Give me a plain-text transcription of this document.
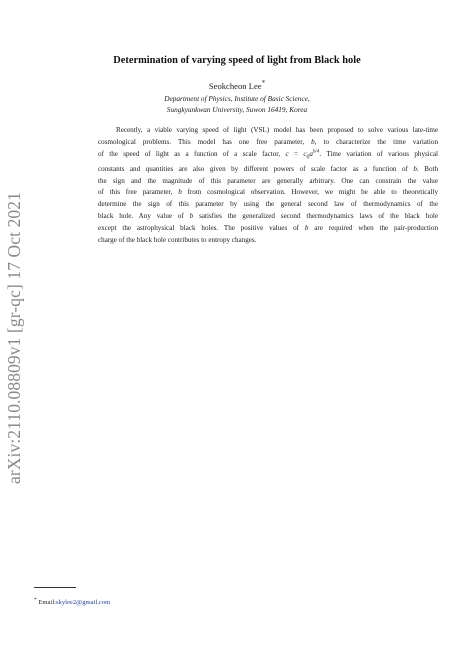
arXiv:2110.08809v1 [gr-qc] 17 Oct 2021
Determination of varying speed of light from Black hole
Seokcheon Lee*
Department of Physics, Institute of Basic Science,
Sungkyunkwan University, Suwon 16419, Korea
Recently, a viable varying speed of light (VSL) model has been proposed to solve various late-time
cosmological problems. This model has one free parameter, b, to characterize the time variation
of the speed of light as a function of a scale factor, $c = c_0a^{b/4}$. Time variation of various physical
constants and quantities are also given by different powers of scale factor as a function of b. Both
the sign and the magnitude of this parameter are generally arbitrary. One can constrain the value
of this free parameter, b from cosmological observation. However, we might be able to theoretically
determine the sign of this parameter by using the general second law of thermodynamics of the
black hole. Any value of b satisfies the generalized second thermodynamics laws of the black hole
except the astrophysical black holes. The positive values of b are required when the pair-production
charge of the black hole contributes to entropy changes.
* Email:skylee2@gmail.com
